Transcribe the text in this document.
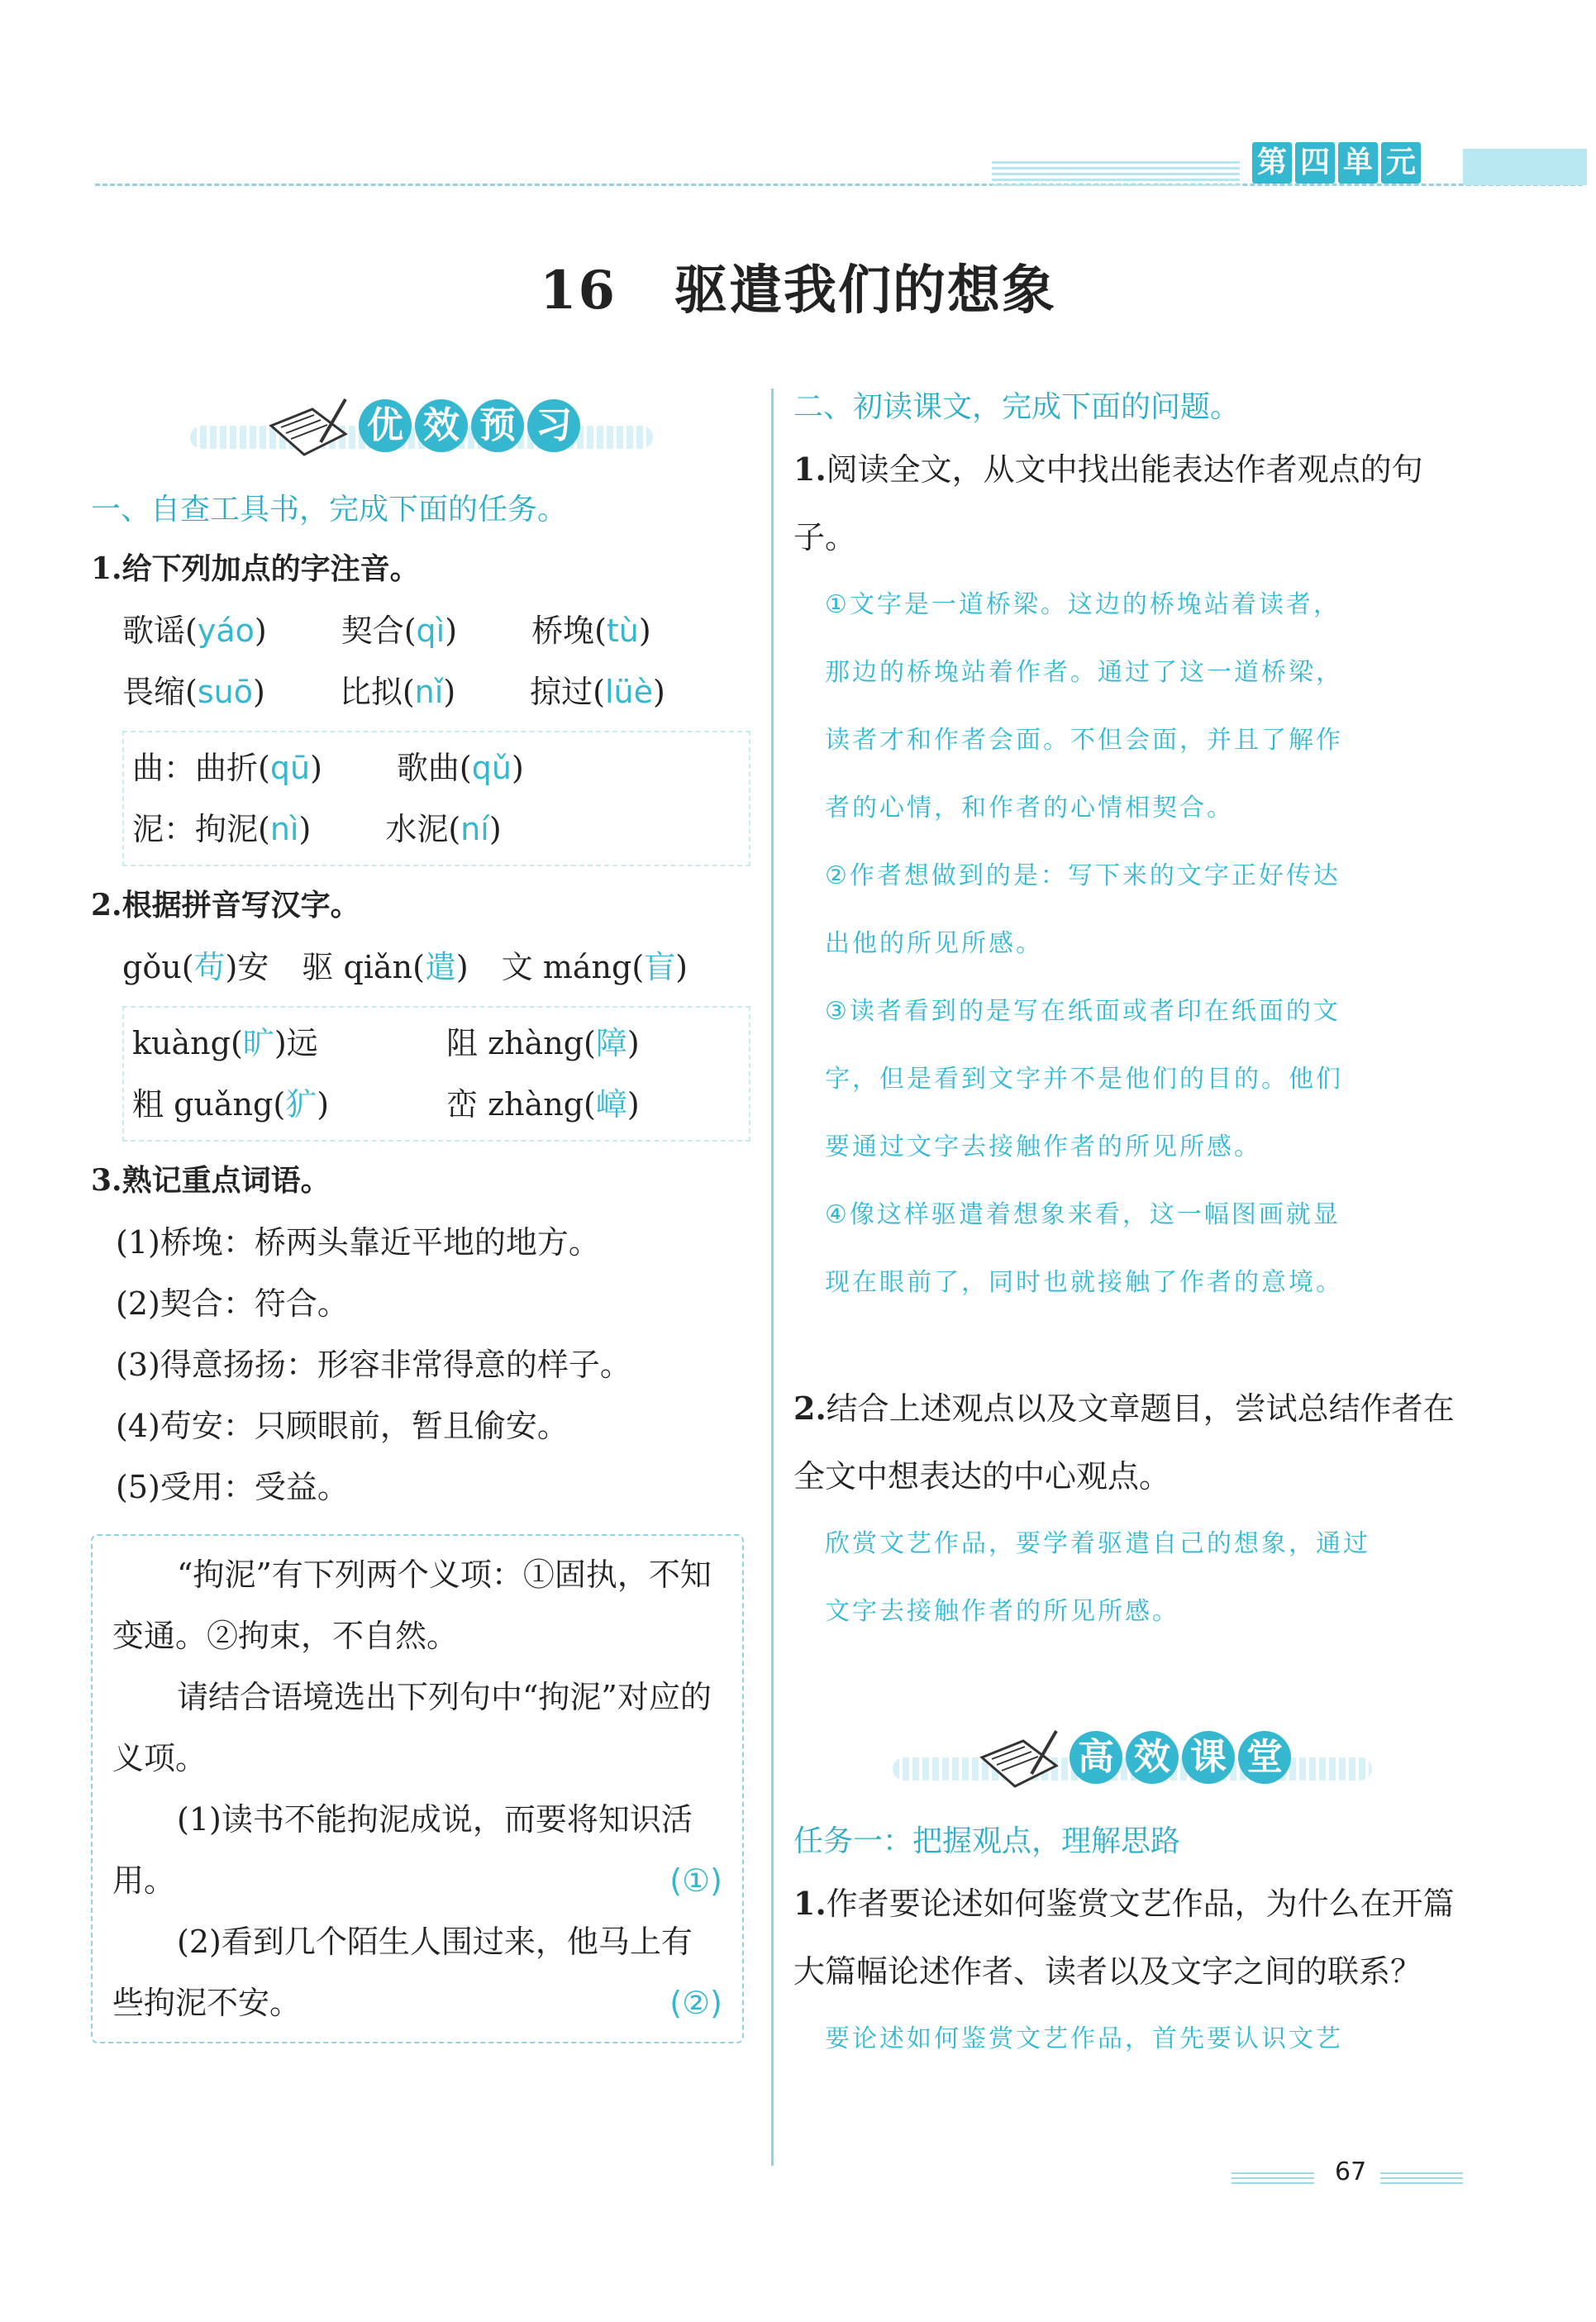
第 四 单 元
16 驱遣我们的想象
优 效 预 习
一、自查工具书，完成下面的任务。
1.给下列加点的字注音。
歌谣(yáo) 契合(qì) 桥堍(tù)
畏缩(suō) 比拟(nǐ) 掠过(lüè)
曲：曲折(qū) 歌曲(qǔ)
泥：拘泥(nì) 水泥(ní)
2.根据拼音写汉字。
gǒu(苟)安 驱 qiǎn(遣) 文 máng(盲)
kuàng(旷)远	阻 zhàng(障)
粗 guǎng(犷)	峦 zhàng(嶂)
3.熟记重点词语。
(1)桥堍：桥两头靠近平地的地方。
(2)契合：符合。
(3)得意扬扬：形容非常得意的样子。
(4)苟安：只顾眼前，暂且偷安。
(5)受用：受益。

“拘泥”有下列两个义项：①固执，不知变通。②拘束，不自然。

请结合语境选出下列句中“拘泥”对应的义项。

(1)读书不能拘泥成说，而要将知识活用。	(①)

(2)看到几个陌生人围过来，他马上有些拘泥不安。	(②)

二、初读课文，完成下面的问题。
1.阅读全文，从文中找出能表达作者观点的句子。
①文字是一道桥梁。这边的桥堍站着读者，
那边的桥堍站着作者。通过了这一道桥梁，
读者才和作者会面。不但会面，并且了解作
者的心情，和作者的心情相契合。
②作者想做到的是：写下来的文字正好传达
出他的所见所感。
③读者看到的是写在纸面或者印在纸面的文
字，但是看到文字并不是他们的目的。他们
要通过文字去接触作者的所见所感。
④像这样驱遣着想象来看，这一幅图画就显
现在眼前了，同时也就接触了作者的意境。
2.结合上述观点以及文章题目，尝试总结作者在全文中想表达的中心观点。
欣赏文艺作品，要学着驱遣自己的想象，通过
文字去接触作者的所见所感。
高 效 课 堂
任务一：把握观点，理解思路
1.作者要论述如何鉴赏文艺作品，为什么在开篇大篇幅论述作者、读者以及文字之间的联系？
要论述如何鉴赏文艺作品，首先要认识文艺
67
